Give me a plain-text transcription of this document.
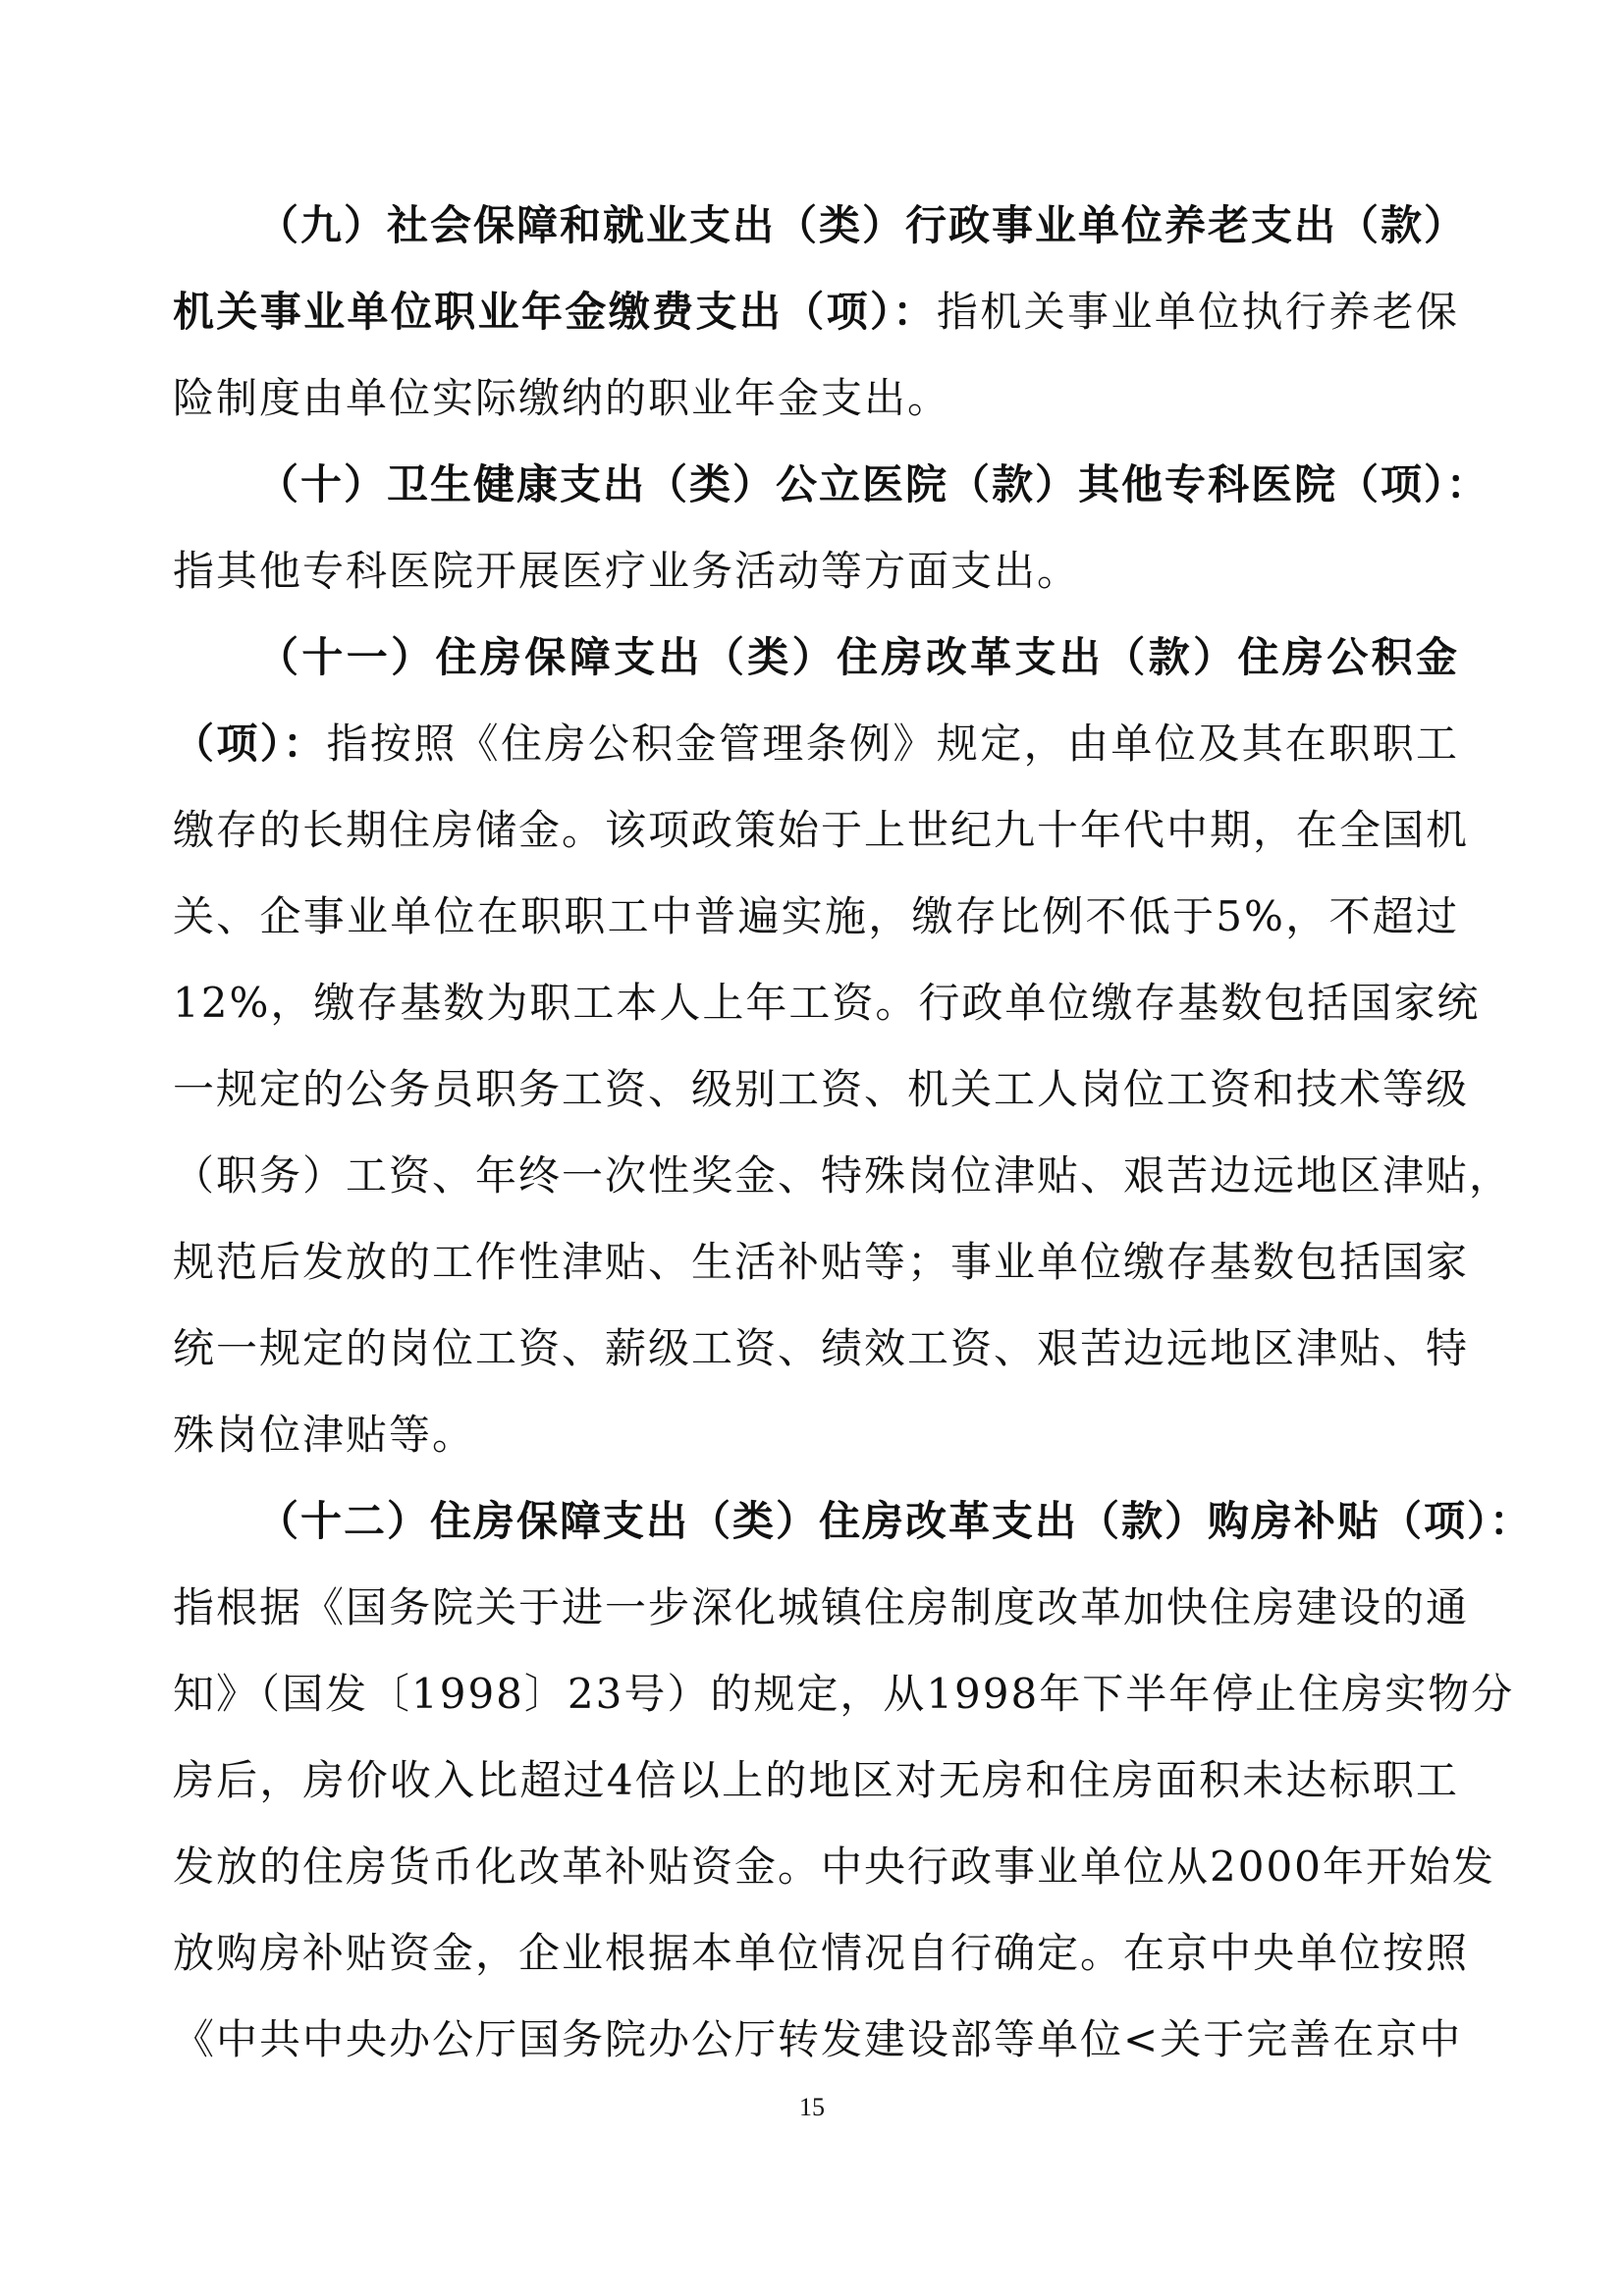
（九）社会保障和就业支出（类）行政事业单位养老支出（款）
机关事业单位职业年金缴费支出（项）：指机关事业单位执行养老保
险制度由单位实际缴纳的职业年金支出。
（十）卫生健康支出（类）公立医院（款）其他专科医院（项）：
指其他专科医院开展医疗业务活动等方面支出。
（十一）住房保障支出（类）住房改革支出（款）住房公积金
（项）：指按照《住房公积金管理条例》规定，由单位及其在职职工
缴存的长期住房储金。该项政策始于上世纪九十年代中期，在全国机
关、企事业单位在职职工中普遍实施，缴存比例不低于5%，不超过
12%，缴存基数为职工本人上年工资。行政单位缴存基数包括国家统
一规定的公务员职务工资、级别工资、机关工人岗位工资和技术等级
（职务）工资、年终一次性奖金、特殊岗位津贴、艰苦边远地区津贴，
规范后发放的工作性津贴、生活补贴等；事业单位缴存基数包括国家
统一规定的岗位工资、薪级工资、绩效工资、艰苦边远地区津贴、特
殊岗位津贴等。
（十二）住房保障支出（类）住房改革支出（款）购房补贴（项）：
指根据《国务院关于进一步深化城镇住房制度改革加快住房建设的通
知》（国发〔1998〕23号）的规定，从1998年下半年停止住房实物分
房后，房价收入比超过4倍以上的地区对无房和住房面积未达标职工
发放的住房货币化改革补贴资金。中央行政事业单位从2000年开始发
放购房补贴资金，企业根据本单位情况自行确定。在京中央单位按照
《中共中央办公厅国务院办公厅转发建设部等单位<关于完善在京中
15
